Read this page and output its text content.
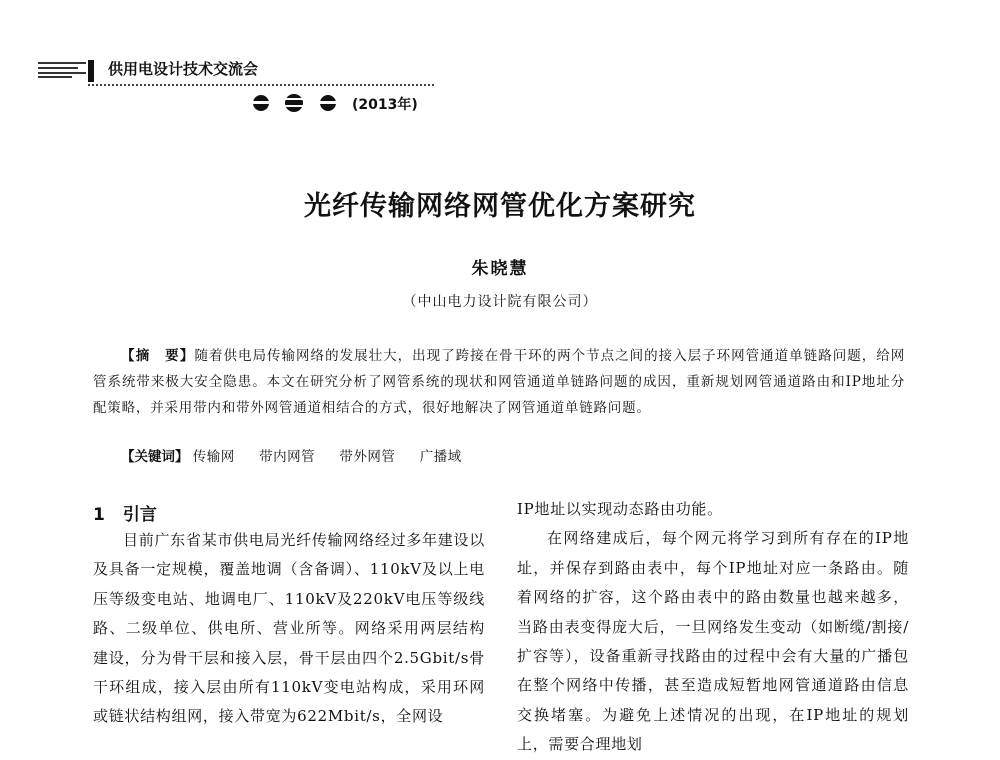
供用电设计技术交流会
(2013年)
光纤传输网络网管优化方案研究
朱晓慧
（中山电力设计院有限公司）
【摘　要】随着供电局传输网络的发展壮大，出现了跨接在骨干环的两个节点之间的接入层子环网管通道单链路问题，给网管系统带来极大安全隐患。本文在研究分析了网管系统的现状和网管通道单链路问题的成因，重新规划网管通道路由和IP地址分配策略，并采用带内和带外网管通道相结合的方式，很好地解决了网管通道单链路问题。
【关键词】 传输网 带内网管 带外网管 广播域
1 引言

目前广东省某市供电局光纤传输网络经过多年建设以及具备一定规模，覆盖地调（含备调）、110kV及以上电压等级变电站、地调电厂、110kV及220kV电压等级线路、二级单位、供电所、营业所等。网络采用两层结构建设，分为骨干层和接入层，骨干层由四个2.5Gbit/s骨干环组成，接入层由所有110kV变电站构成，采用环网或链状结构组网，接入带宽为622Mbit/s，全网设

IP地址以实现动态路由功能。

在网络建成后，每个网元将学习到所有存在的IP地址，并保存到路由表中，每个IP地址对应一条路由。随着网络的扩容，这个路由表中的路由数量也越来越多，当路由表变得庞大后，一旦网络发生变动（如断缆/割接/扩容等），设备重新寻找路由的过程中会有大量的广播包在整个网络中传播，甚至造成短暂地网管通道路由信息交换堵塞。为避免上述情况的出现，在IP地址的规划上，需要合理地划
